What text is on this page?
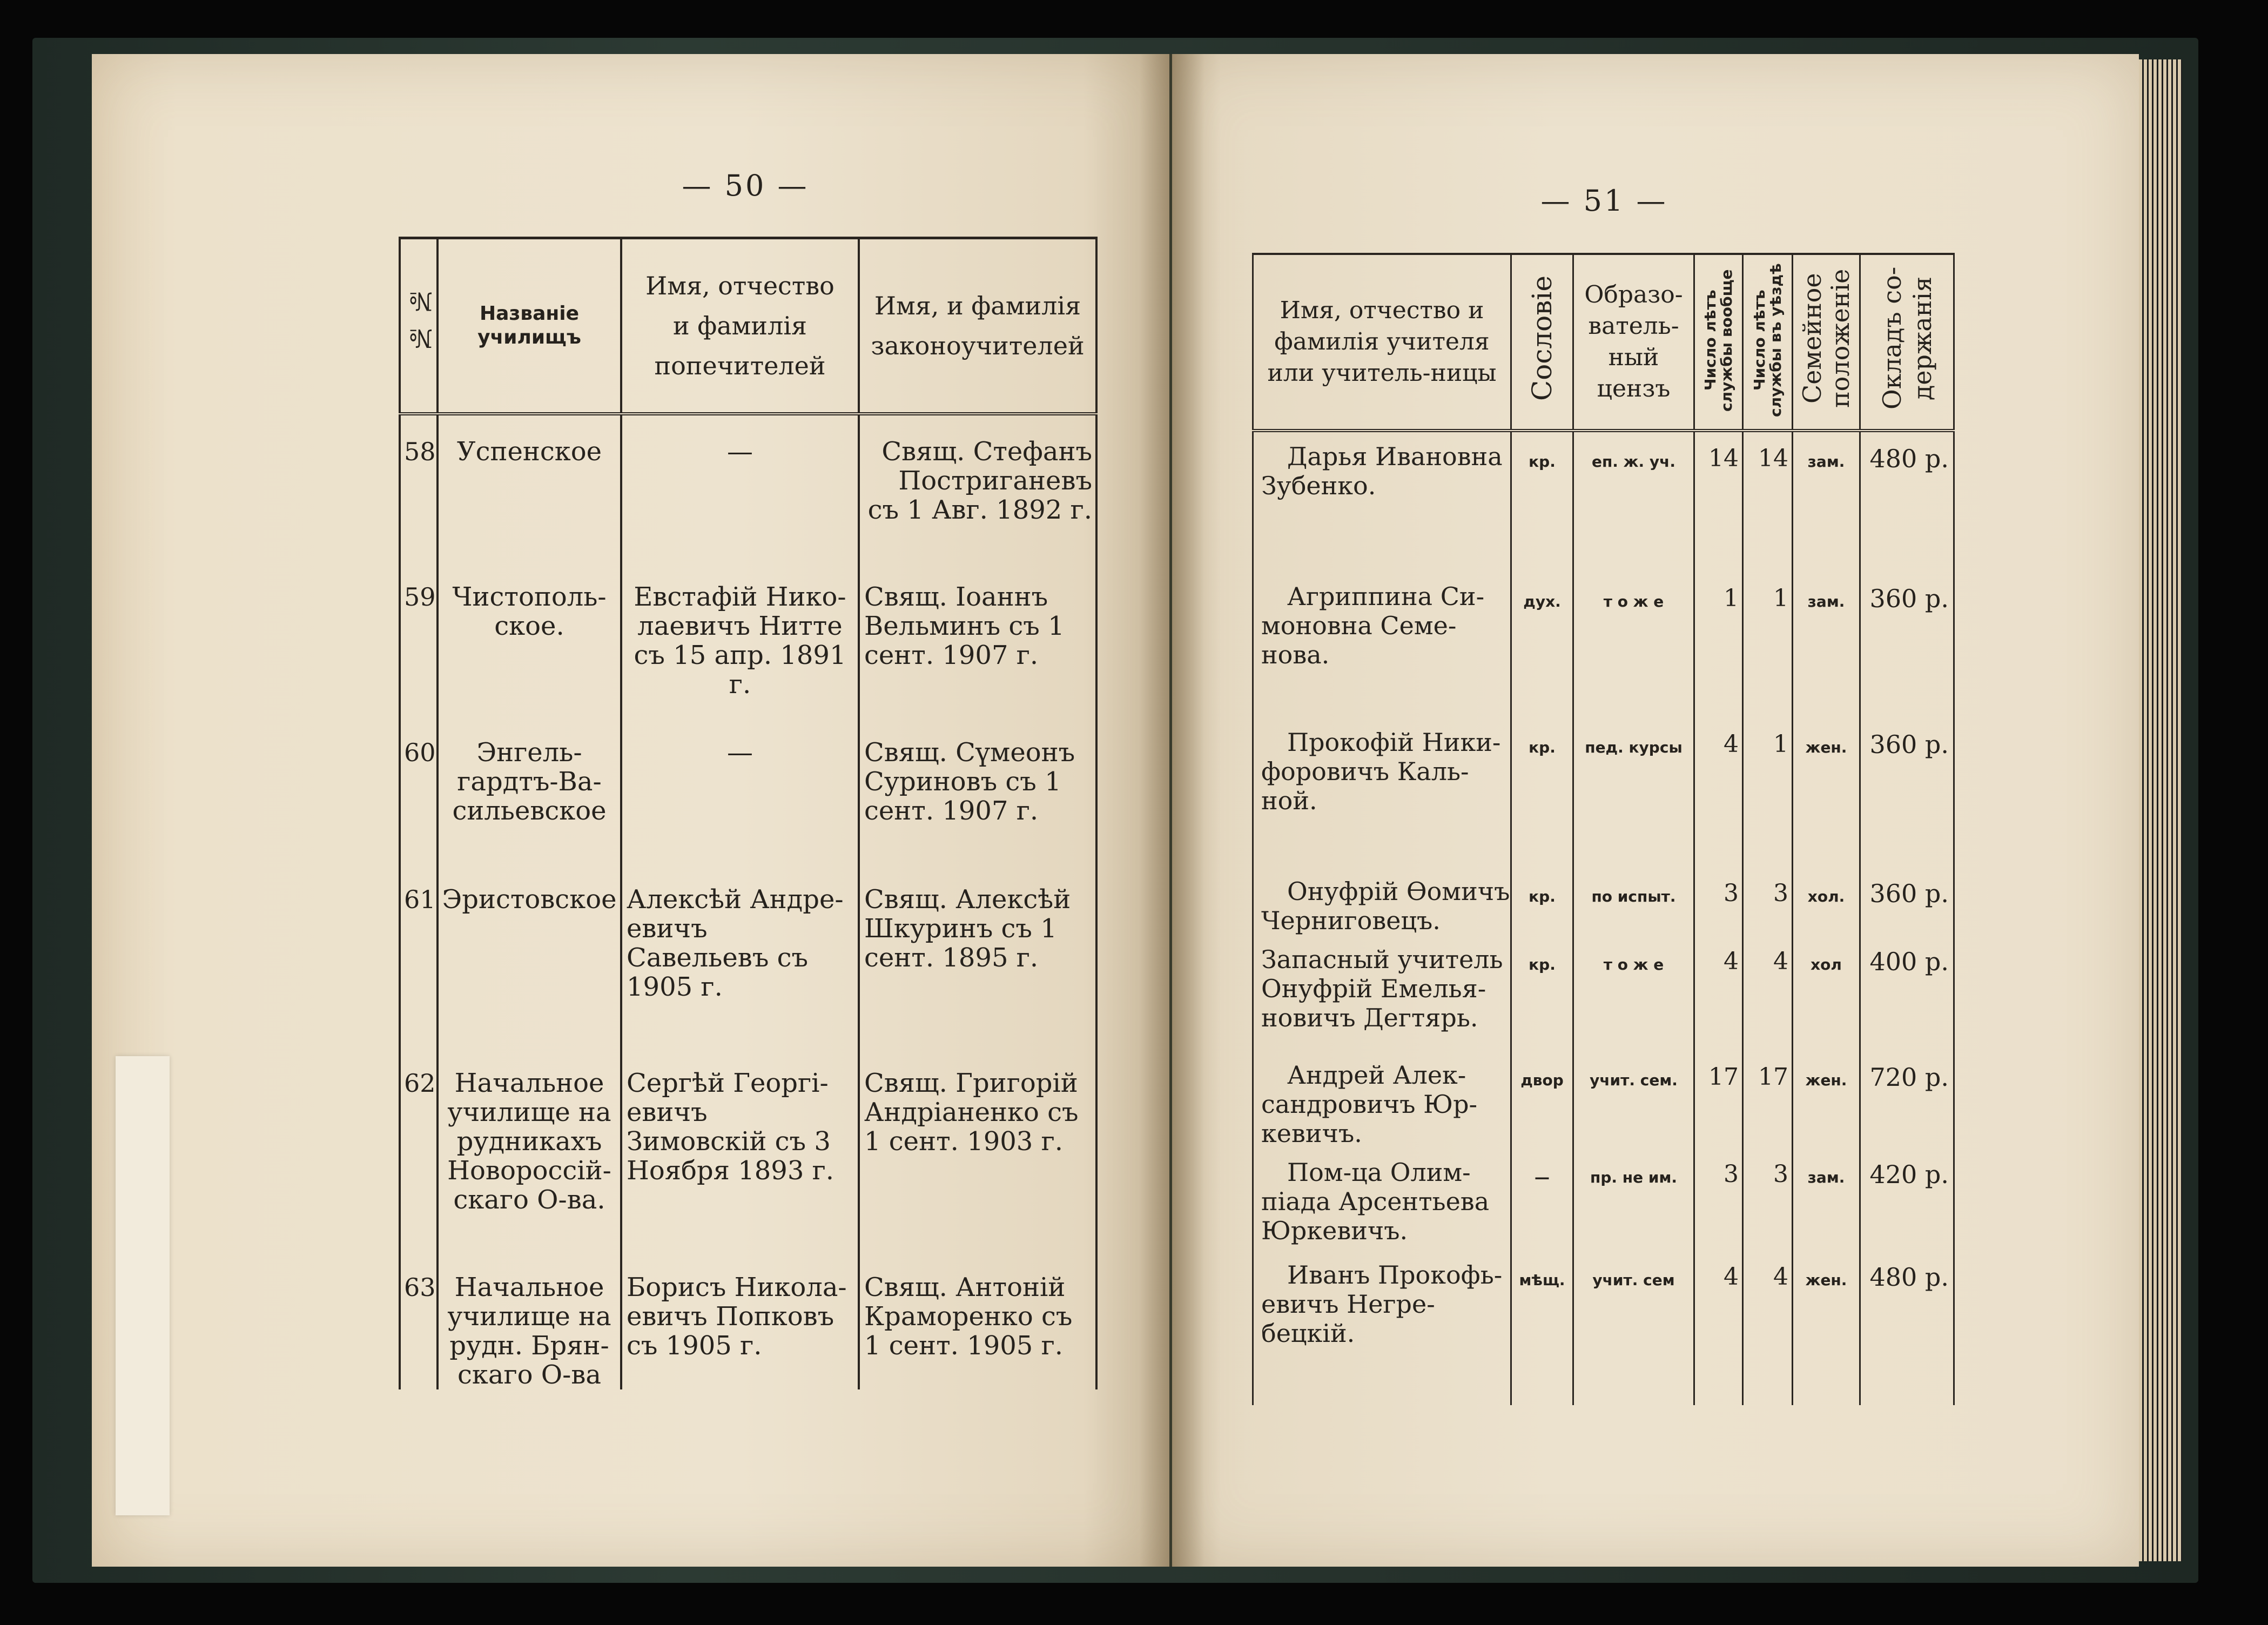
— 50 —	— 51 —
№ №	Названіе училищъ	Имя, отчество и фамилія попечителей	Имя, и фамилія законоучителей
58	Успенское	—	Свящ. Стефанъ Постриганевъ съ 1 Авг. 1892 г.
59	Чистополь-ское.	Евстафій Нико-лаевичъ Нитте съ 15 апр. 1891 г.	Свящ. Іоаннъ Вельминъ съ 1 сент. 1907 г.
60	Энгель-гардтъ-Ва-сильевское	—	Свящ. Сүмеонъ Суриновъ съ 1 сент. 1907 г.
61	Эристовское	Алексѣй Андре-евичъ Савельевъ съ 1905 г.	Свящ. Алексѣй Шкуринъ съ 1 сент. 1895 г.
62	Начальное училище на рудникахъ Новороссій-скаго О-ва.	Сергѣй Георгі-евичъ Зимовскій съ 3 Ноября 1893 г.	Свящ. Григорій Андріаненко съ 1 сент. 1903 г.
63	Начальное училище на рудн. Брян-скаго О-ва	Борисъ Никола-евичъ Попковъ съ 1905 г.	Свящ. Антоній Краморенко съ 1 сент. 1905 г.
Имя, отчество и фамилія учителя или учитель-ницы	Сословіе	Образо-ватель-ный цензъ	Число лѣтъ службы вообще	Число лѣтъ службы въ уѣздѣ	Семейное положеніе	Окладъ со-держанія
Дарья Ивановна Зубенко.	кр.	еп. ж. уч.	14	14	зам.	480 р.
Агриппина Си-моновна Семе-нова.	дух.	т о ж е	1	1	зам.	360 р.
Прокофій Ники-форовичъ Каль-ной.	кр.	пед. курсы	4	1	жен.	360 р.
Онуфрій Өомичъ Черниговецъ.	кр.	по испыт.	3	3	хол.	360 р.
Запасный учитель Онуфрій Емелья-новичъ Дегтярь.	кр.	т о ж е	4	4	хол	400 р.
Андрей Алек-сандровичъ Юр-кевичъ.	двор	учит. сем.	17	17	жен.	720 р.
Пом-ца Олим-піада Арсентьева Юркевичъ.	—	пр. не им.	3	3	зам.	420 р.
Иванъ Прокофь-евичъ Негре-бецкій.	мѣщ.	учит. сем	4	4	жен.	480 р.
